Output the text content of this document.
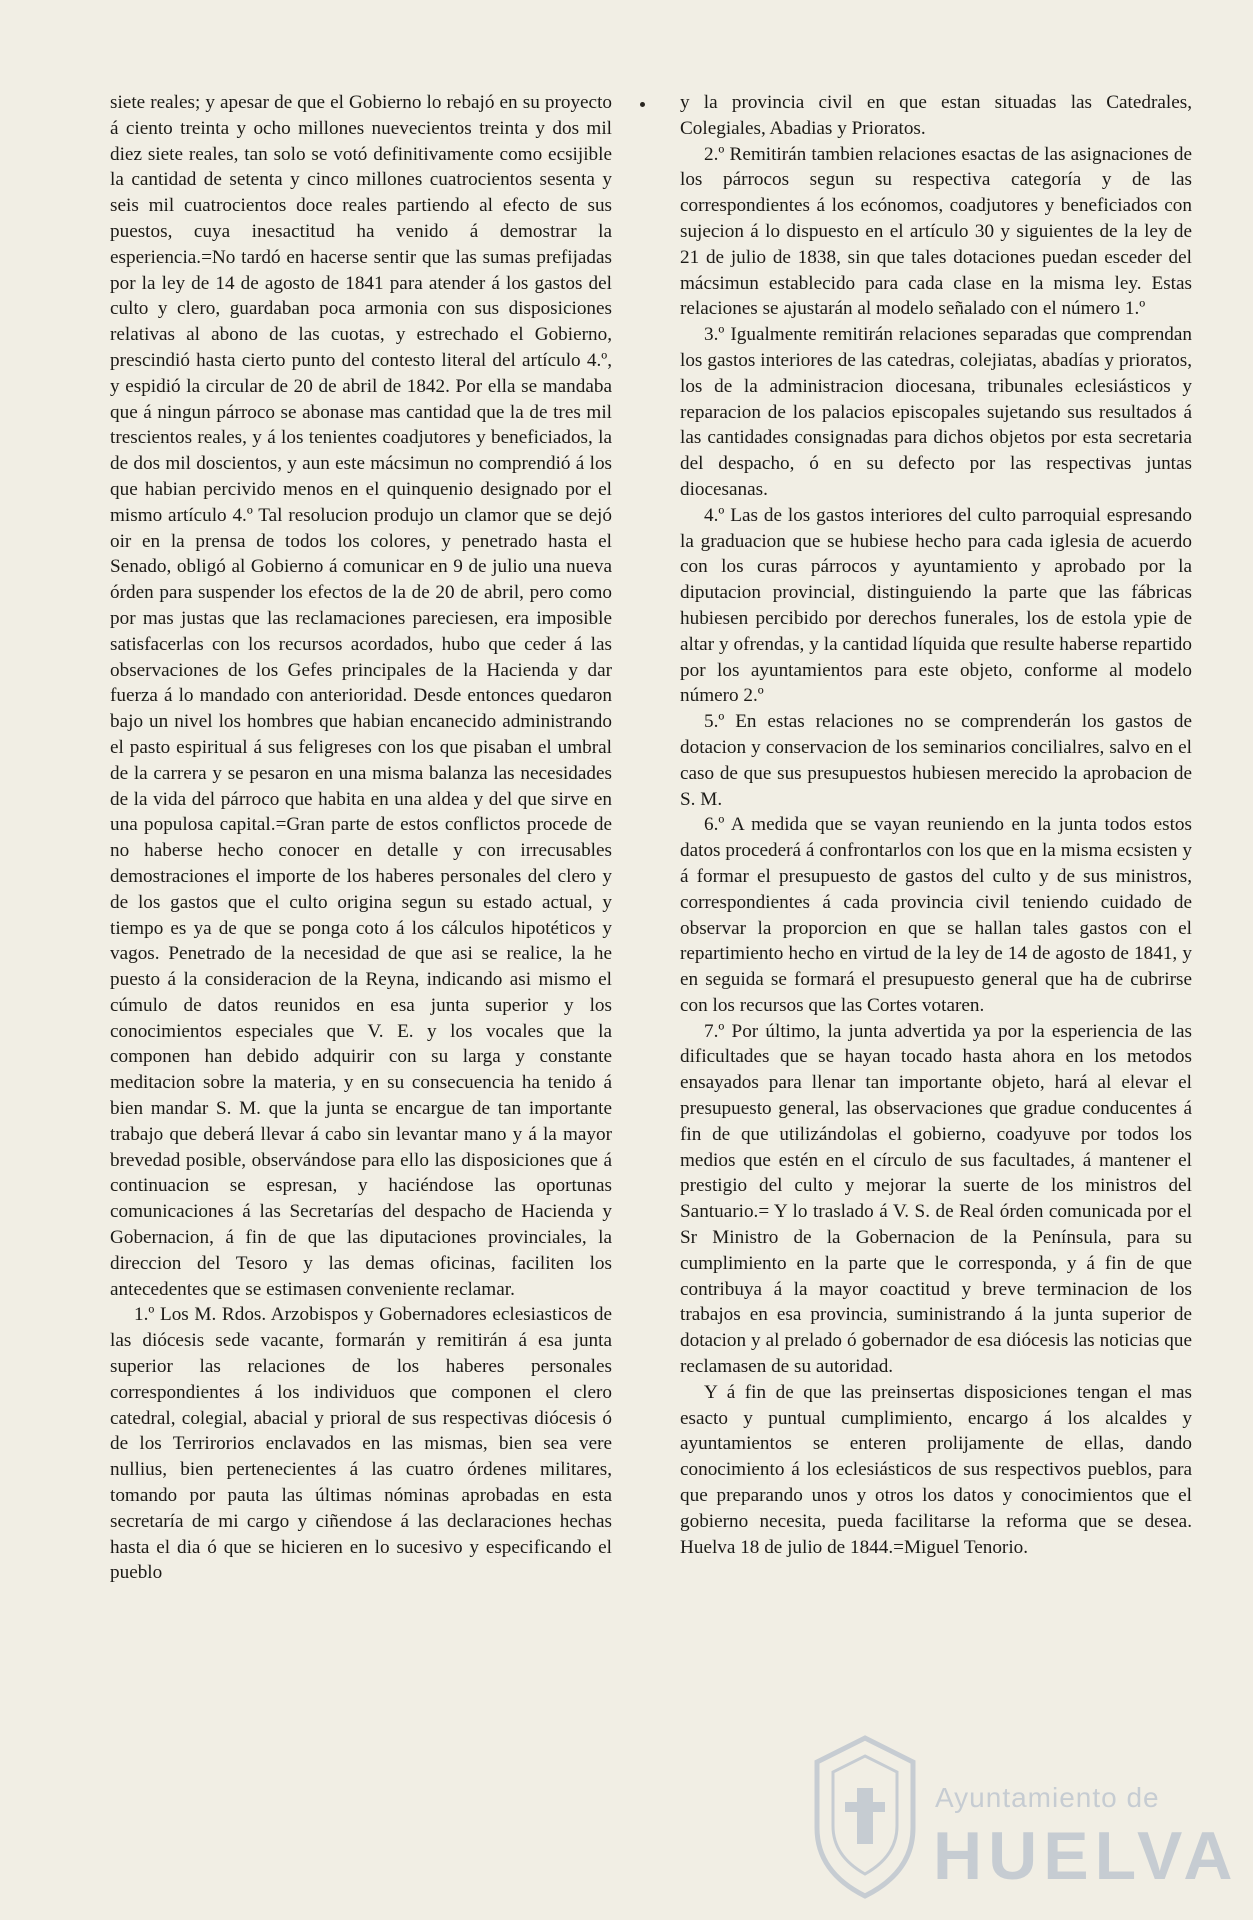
siete reales; y apesar de que el Gobierno lo rebajó en su proyecto á ciento treinta y ocho millones nuevecientos treinta y dos mil diez siete reales, tan solo se votó definitivamente como ecsijible la cantidad de setenta y cinco millones cuatrocientos sesenta y seis mil cuatrocientos doce reales partiendo al efecto de sus puestos, cuya inesactitud ha venido á demostrar la esperiencia.=No tardó en hacerse sentir que las sumas prefijadas por la ley de 14 de agosto de 1841 para atender á los gastos del culto y clero, guardaban poca armonia con sus disposiciones relativas al abono de las cuotas, y estrechado el Gobierno, prescindió hasta cierto punto del contesto literal del artículo 4.º, y espidió la circular de 20 de abril de 1842. Por ella se mandaba que á ningun párroco se abonase mas cantidad que la de tres mil trescientos reales, y á los tenientes coadjutores y beneficiados, la de dos mil doscientos, y aun este mácsimun no comprendió á los que habian percivido menos en el quinquenio designado por el mismo artículo 4.º Tal resolucion produjo un clamor que se dejó oir en la prensa de todos los colores, y penetrado hasta el Senado, obligó al Gobierno á comunicar en 9 de julio una nueva órden para suspender los efectos de la de 20 de abril, pero como por mas justas que las reclamaciones pareciesen, era imposible satisfacerlas con los recursos acordados, hubo que ceder á las observaciones de los Gefes principales de la Hacienda y dar fuerza á lo mandado con anterioridad. Desde entonces quedaron bajo un nivel los hombres que habian encanecido administrando el pasto espiritual á sus feligreses con los que pisaban el umbral de la carrera y se pesaron en una misma balanza las necesidades de la vida del párroco que habita en una aldea y del que sirve en una populosa capital.=Gran parte de estos conflictos procede de no haberse hecho conocer en detalle y con irrecusables demostraciones el importe de los haberes personales del clero y de los gastos que el culto origina segun su estado actual, y tiempo es ya de que se ponga coto á los cálculos hipotéticos y vagos. Penetrado de la necesidad de que asi se realice, la he puesto á la consideracion de la Reyna, indicando asi mismo el cúmulo de datos reunidos en esa junta superior y los conocimientos especiales que V. E. y los vocales que la componen han debido adquirir con su larga y constante meditacion sobre la materia, y en su consecuencia ha tenido á bien mandar S. M. que la junta se encargue de tan importante trabajo que deberá llevar á cabo sin levantar mano y á la mayor brevedad posible, observándose para ello las disposiciones que á continuacion se espresan, y haciéndose las oportunas comunicaciones á las Secretarías del despacho de Hacienda y Gobernacion, á fin de que las diputaciones provinciales, la direccion del Tesoro y las demas oficinas, faciliten los antecedentes que se estimasen conveniente reclamar.

1.º Los M. Rdos. Arzobispos y Gobernadores eclesiasticos de las diócesis sede vacante, formarán y remitirán á esa junta superior las relaciones de los haberes personales correspondientes á los individuos que componen el clero catedral, colegial, abacial y prioral de sus respectivas diócesis ó de los Terrirorios enclavados en las mismas, bien sea vere nullius, bien pertenecientes á las cuatro órdenes militares, tomando por pauta las últimas nóminas aprobadas en esta secretaría de mi cargo y ciñendose á las declaraciones hechas hasta el dia ó que se hicieren en lo sucesivo y especificando el pueblo

y la provincia civil en que estan situadas las Catedrales, Colegiales, Abadias y Prioratos.

2.º Remitirán tambien relaciones esactas de las asignaciones de los párrocos segun su respectiva categoría y de las correspondientes á los ecónomos, coadjutores y beneficiados con sujecion á lo dispuesto en el artículo 30 y siguientes de la ley de 21 de julio de 1838, sin que tales dotaciones puedan esceder del mácsimun establecido para cada clase en la misma ley. Estas relaciones se ajustarán al modelo señalado con el número 1.º

3.º Igualmente remitirán relaciones separadas que comprendan los gastos interiores de las catedras, colejiatas, abadías y prioratos, los de la administracion diocesana, tribunales eclesiásticos y reparacion de los palacios episcopales sujetando sus resultados á las cantidades consignadas para dichos objetos por esta secretaria del despacho, ó en su defecto por las respectivas juntas diocesanas.

4.º Las de los gastos interiores del culto parroquial espresando la graduacion que se hubiese hecho para cada iglesia de acuerdo con los curas párrocos y ayuntamiento y aprobado por la diputacion provincial, distinguiendo la parte que las fábricas hubiesen percibido por derechos funerales, los de estola ypie de altar y ofrendas, y la cantidad líquida que resulte haberse repartido por los ayuntamientos para este objeto, conforme al modelo número 2.º

5.º En estas relaciones no se comprenderán los gastos de dotacion y conservacion de los seminarios concilialres, salvo en el caso de que sus presupuestos hubiesen merecido la aprobacion de S. M.

6.º A medida que se vayan reuniendo en la junta todos estos datos procederá á confrontarlos con los que en la misma ecsisten y á formar el presupuesto de gastos del culto y de sus ministros, correspondientes á cada provincia civil teniendo cuidado de observar la proporcion en que se hallan tales gastos con el repartimiento hecho en virtud de la ley de 14 de agosto de 1841, y en seguida se formará el presupuesto general que ha de cubrirse con los recursos que las Cortes votaren.

7.º Por último, la junta advertida ya por la esperiencia de las dificultades que se hayan tocado hasta ahora en los metodos ensayados para llenar tan importante objeto, hará al elevar el presupuesto general, las observaciones que gradue conducentes á fin de que utilizándolas el gobierno, coadyuve por todos los medios que estén en el círculo de sus facultades, á mantener el prestigio del culto y mejorar la suerte de los ministros del Santuario.= Y lo traslado á V. S. de Real órden comunicada por el Sr Ministro de la Gobernacion de la Península, para su cumplimiento en la parte que le corresponda, y á fin de que contribuya á la mayor coactitud y breve terminacion de los trabajos en esa provincia, suministrando á la junta superior de dotacion y al prelado ó gobernador de esa diócesis las noticias que reclamasen de su autoridad.

Y á fin de que las preinsertas disposiciones tengan el mas esacto y puntual cumplimiento, encargo á los alcaldes y ayuntamientos se enteren prolijamente de ellas, dando conocimiento á los eclesiásticos de sus respectivos pueblos, para que preparando unos y otros los datos y conocimientos que el gobierno necesita, pueda facilitarse la reforma que se desea. Huelva 18 de julio de 1844.=Miguel Tenorio.

Ayuntamiento de
HUELVA
